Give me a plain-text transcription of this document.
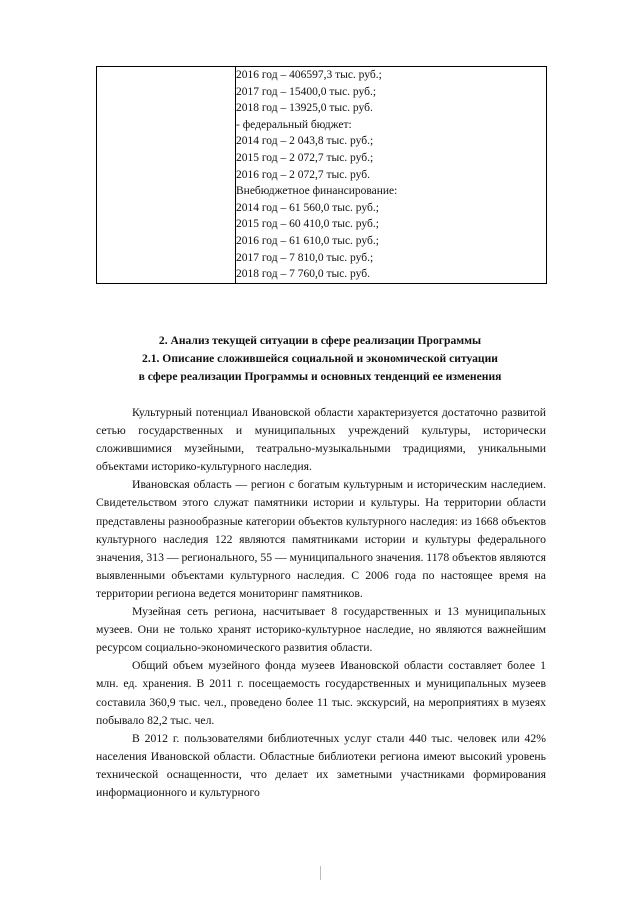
2016 год – 406597,3 тыс. руб.;
2017 год – 15400,0 тыс. руб.;
2018 год – 13925,0 тыс. руб.
- федеральный бюджет:
2014 год – 2 043,8 тыс. руб.;
2015 год – 2 072,7 тыс. руб.;
2016 год – 2 072,7 тыс. руб.
Внебюджетное финансирование:
2014 год – 61 560,0 тыс. руб.;
2015 год – 60 410,0 тыс. руб.;
2016 год – 61 610,0 тыс. руб.;
2017 год – 7 810,0 тыс. руб.;
2018 год – 7 760,0 тыс. руб.
2. Анализ текущей ситуации в сфере реализации Программы
2.1. Описание сложившейся социальной и экономической ситуации
в сфере реализации Программы и основных тенденций ее изменения

Культурный потенциал Ивановской области характеризуется достаточно развитой сетью государственных и муниципальных учреждений культуры, исторически сложившимися музейными, театрально-музыкальными традициями, уникальными объектами историко-культурного наследия.

Ивановская область — регион с богатым культурным и историческим наследием. Свидетельством этого служат памятники истории и культуры. На территории области представлены разнообразные категории объектов культурного наследия: из 1668 объектов культурного наследия 122 являются памятниками истории и культуры федерального значения, 313 — регионального, 55 — муниципального значения. 1178 объектов являются выявленными объектами культурного наследия. С 2006 года по настоящее время на территории региона ведется мониторинг памятников.

Музейная сеть региона, насчитывает 8 государственных и 13 муниципальных музеев. Они не только хранят историко-культурное наследие, но являются важнейшим ресурсом социально-экономического развития области.

Общий объем музейного фонда музеев Ивановской области составляет более 1 млн. ед. хранения. В 2011 г. посещаемость государственных и муниципальных музеев составила 360,9 тыс. чел., проведено более 11 тыс. экскурсий, на мероприятиях в музеях побывало 82,2 тыс. чел.

В 2012 г. пользователями библиотечных услуг стали 440 тыс. человек или 42% населения Ивановской области. Областные библиотеки региона имеют высокий уровень технической оснащенности, что делает их заметными участниками формирования информационного и культурного
